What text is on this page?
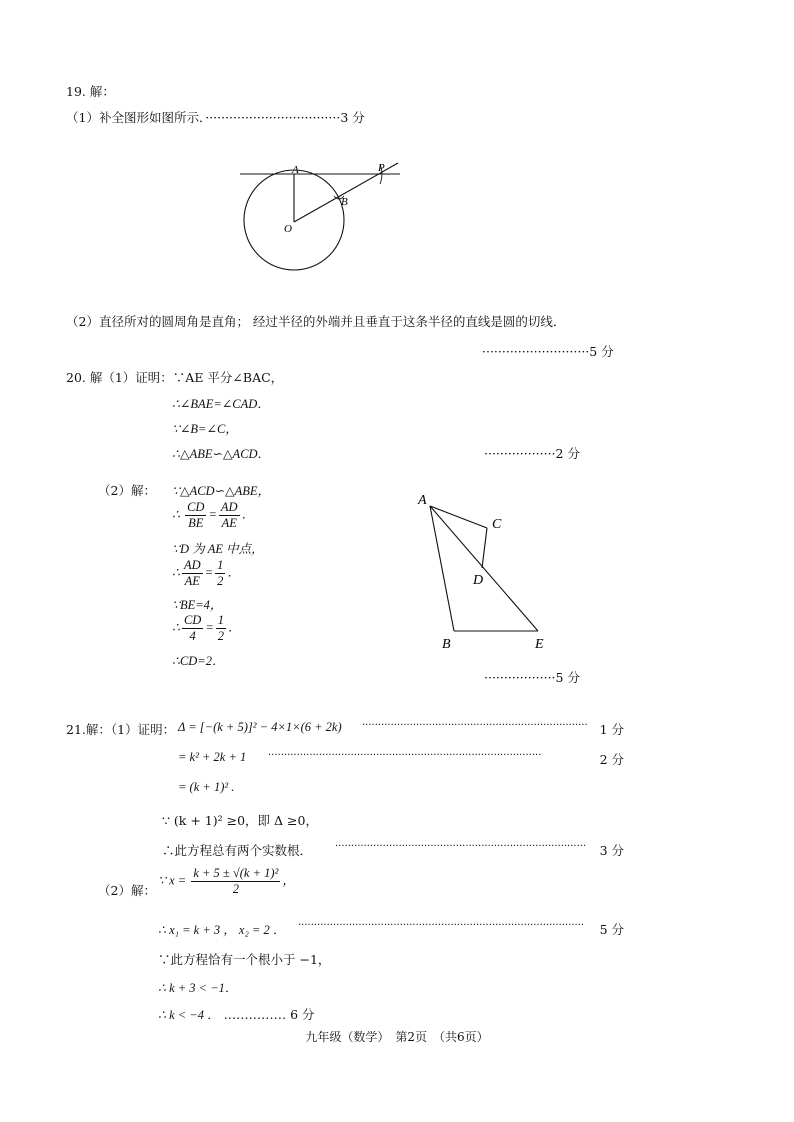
19. 解：
（1）补全图形如图所示．··································3 分
A	P
B
O
（2）直径所对的圆周角是直角； 经过半径的外端并且垂直于这条半径的直线是圆的切线．
···························5 分
20. 解（1）证明：∵AE 平分∠BAC，
∴∠BAE=∠CAD．
∵∠B=∠C，
∴△ABE∽△ACD．	··················2 分
（2）解： ∵△ACD∽△ABE，
∴ $\frac{CD}{BE} = \frac{AD}{AE}$ ．
∵D 为 AE 中点，
∴ $\frac{AD}{AE} = \frac{1}{2}$ ．
∵BE=4，
∴ $\frac{CD}{4} = \frac{1}{2}$ ．
∴CD=2．
A
C
D
B	E
··················5 分
21.解：（1）证明： Δ = [−(k + 5)]² − 4×1×(6 + 2k) ······································································· 1 分
= k² + 2k + 1 ······················································································	2 分
= (k + 1)² .
∵ (k + 1)² ≥0，即 Δ ≥0，
∴此方程总有两个实数根． ···············································································	3 分
（2）解：
∵ $x = \frac{\text{k + 5 ± √(k + 1)²}}{2}$ ，
∴ x₁ = k + 3 ， x₂ = 2 ． ··························································································	5 分
∵此方程恰有一个根小于 −1，
∴ k + 3 < −1．
∴ k < −4 ． …………… 6 分
九年级（数学）　第2页　（共6页）
